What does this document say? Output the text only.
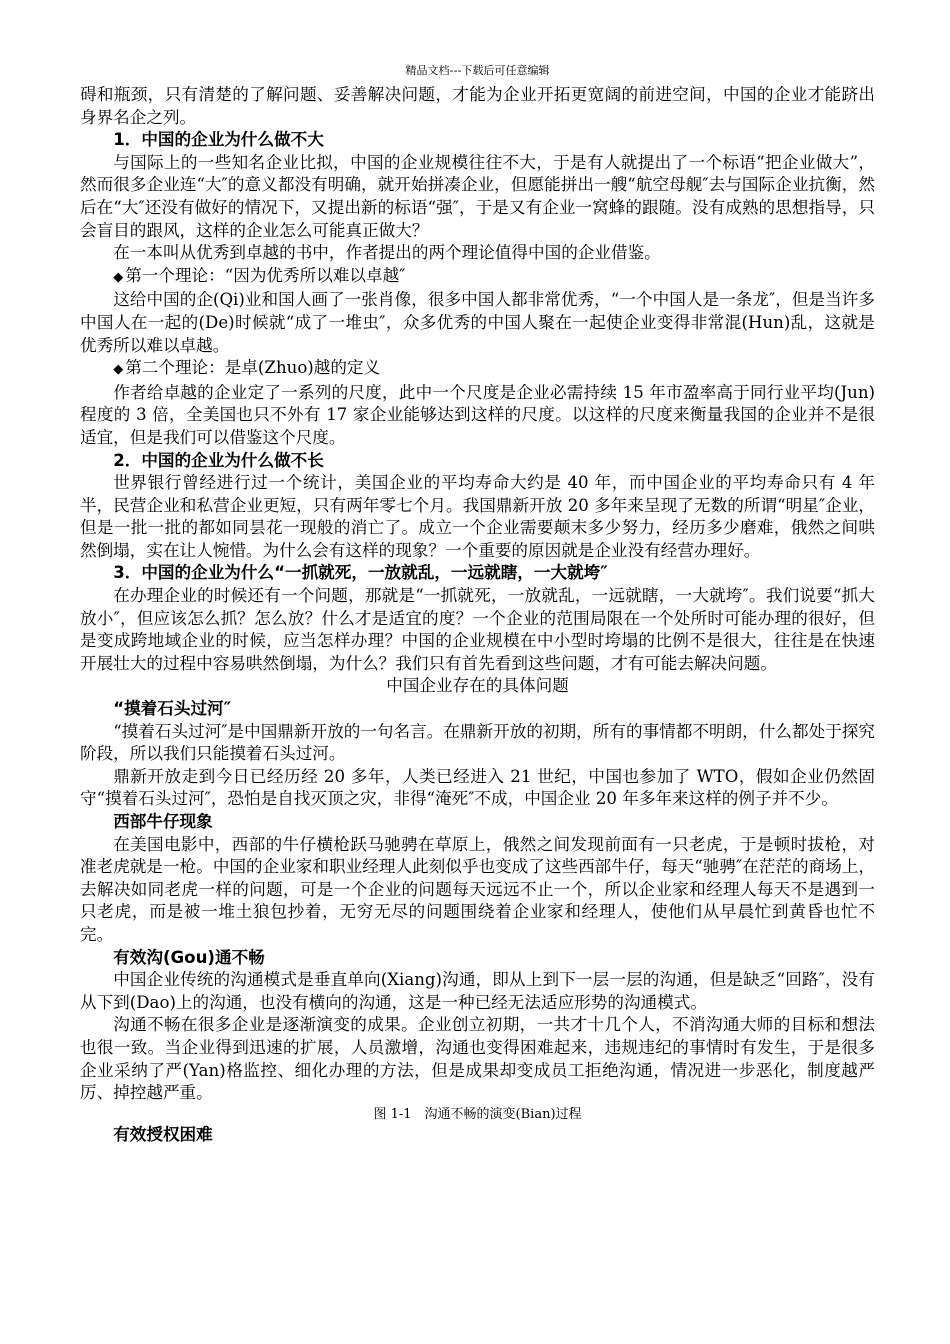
精品文档---下载后可任意编辑

碍和瓶颈，只有清楚的了解问题、妥善解决问题，才能为企业开拓更宽阔的前进空间，中国的企业才能跻出身界名企之列。

1．中国的企业为什么做不大

与国际上的一些知名企业比拟，中国的企业规模往往不大，于是有人就提出了一个标语“把企业做大”，然而很多企业连“大″的意义都没有明确，就开始拼凑企业，但愿能拼出一艘“航空母舰″去与国际企业抗衡，然后在“大″还没有做好的情况下，又提出新的标语“强″，于是又有企业一窝蜂的跟随。没有成熟的思想指导，只会盲目的跟风，这样的企业怎么可能真正做大？

在一本叫从优秀到卓越的书中，作者提出的两个理论值得中国的企业借鉴。

◆ 第一个理论：“因为优秀所以难以卓越″

这给中国的企(Qi)业和国人画了一张肖像，很多中国人都非常优秀，“一个中国人是一条龙″，但是当许多中国人在一起的(De)时候就“成了一堆虫″，众多优秀的中国人聚在一起使企业变得非常混(Hun)乱，这就是优秀所以难以卓越。

◆ 第二个理论：是卓(Zhuo)越的定义

作者给卓越的企业定了一系列的尺度，此中一个尺度是企业必需持续 15 年市盈率高于同行业平均(Jun)程度的 3 倍，全美国也只不外有 17 家企业能够达到这样的尺度。以这样的尺度来衡量我国的企业并不是很适宜，但是我们可以借鉴这个尺度。

2．中国的企业为什么做不长

世界银行曾经进行过一个统计，美国企业的平均寿命大约是 40 年，而中国企业的平均寿命只有 4 年半，民营企业和私营企业更短，只有两年零七个月。我国鼎新开放 20 多年来呈现了无数的所谓“明星″企业，但是一批一批的都如同昙花一现般的消亡了。成立一个企业需要颠末多少努力，经历多少磨难，俄然之间哄然倒塌，实在让人惋惜。为什么会有这样的现象？一个重要的原因就是企业没有经营办理好。

3．中国的企业为什么“一抓就死，一放就乱，一远就瞎，一大就垮″

在办理企业的时候还有一个问题，那就是“一抓就死，一放就乱，一远就瞎，一大就垮″。我们说要“抓大放小″，但应该怎么抓？怎么放？什么才是适宜的度？一个企业的范围局限在一个处所时可能办理的很好，但是变成跨地域企业的时候，应当怎样办理？中国的企业规模在中小型时垮塌的比例不是很大，往往是在快速开展壮大的过程中容易哄然倒塌，为什么？我们只有首先看到这些问题，才有可能去解决问题。

中国企业存在的具体问题

“摸着石头过河″

“摸着石头过河″是中国鼎新开放的一句名言。在鼎新开放的初期，所有的事情都不明朗，什么都处于探究阶段，所以我们只能摸着石头过河。

鼎新开放走到今日已经历经 20 多年，人类已经进入 21 世纪，中国也参加了 WTO，假如企业仍然固守“摸着石头过河″，恐怕是自找灭顶之灾，非得“淹死″不成，中国企业 20 年多年来这样的例子并不少。

西部牛仔现象

在美国电影中，西部的牛仔横枪跃马驰骋在草原上，俄然之间发现前面有一只老虎，于是顿时拔枪，对准老虎就是一枪。中国的企业家和职业经理人此刻似乎也变成了这些西部牛仔，每天“驰骋″在茫茫的商场上，去解决如同老虎一样的问题，可是一个企业的问题每天远远不止一个，所以企业家和经理人每天不是遇到一只老虎，而是被一堆土狼包抄着，无穷无尽的问题围绕着企业家和经理人，使他们从早晨忙到黄昏也忙不完。

有效沟(Gou)通不畅

中国企业传统的沟通模式是垂直单向(Xiang)沟通，即从上到下一层一层的沟通，但是缺乏“回路″，没有从下到(Dao)上的沟通，也没有横向的沟通，这是一种已经无法适应形势的沟通模式。

沟通不畅在很多企业是逐渐演变的成果。企业创立初期，一共才十几个人，不消沟通大师的目标和想法也很一致。当企业得到迅速的扩展，人员激增，沟通也变得困难起来，违规违纪的事情时有发生，于是很多企业采纳了严(Yan)格监控、细化办理的方法，但是成果却变成员工拒绝沟通，情况进一步恶化，制度越严厉、掉控越严重。

图 1-1　沟通不畅的演变(Bian)过程

有效授权困难
